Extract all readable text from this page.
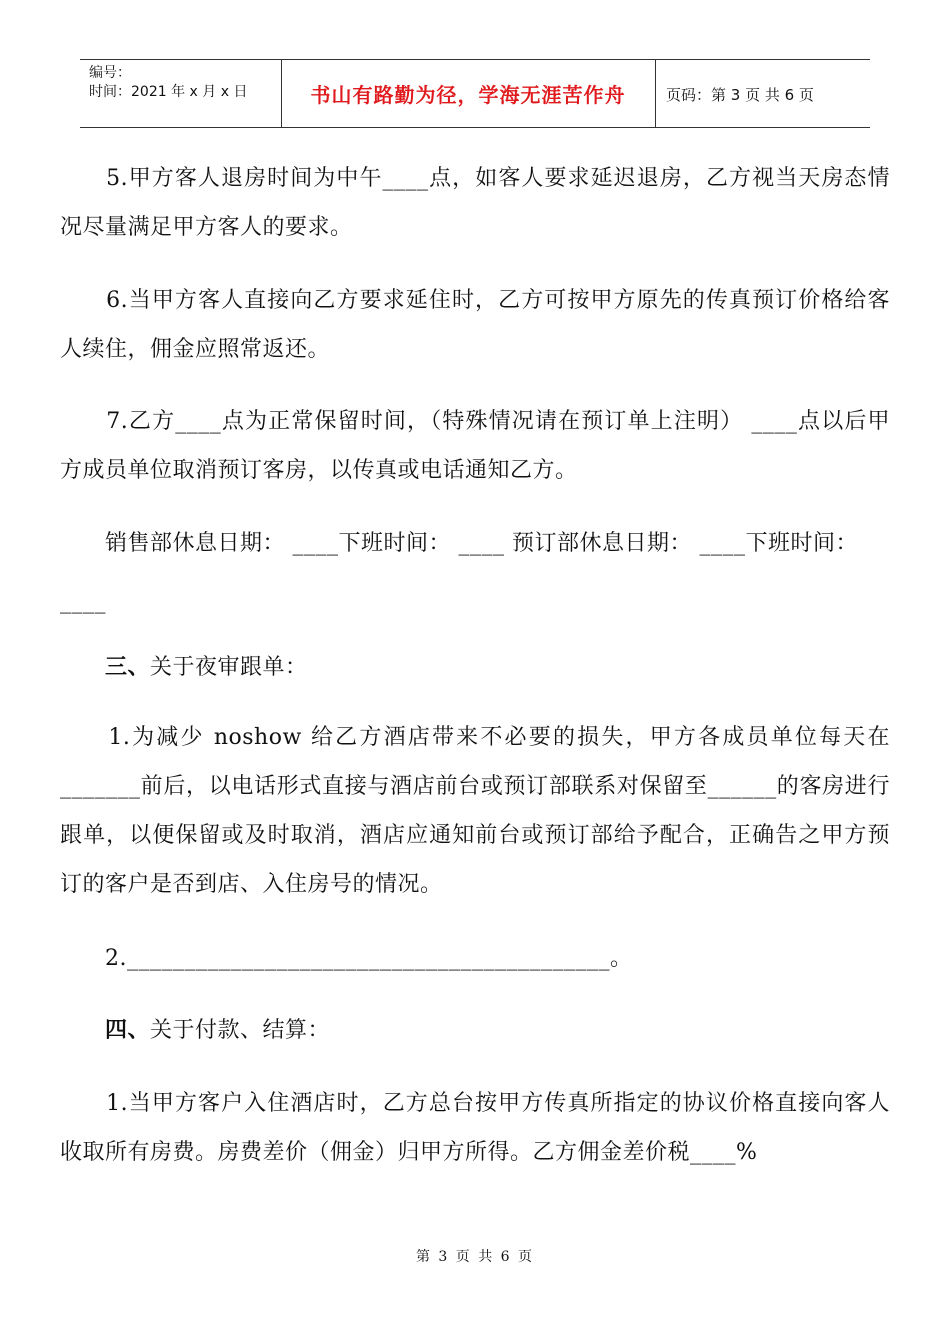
编号：
时间：2021 年 x 月 x 日	书山有路勤为径，学海无涯苦作舟	页码：第 3 页 共 6 页

　　5.甲方客人退房时间为中午____点，如客人要求延迟退房，乙方视当天房态情况尽量满足甲方客人的要求。

　　6.当甲方客人直接向乙方要求延住时，乙方可按甲方原先的传真预订价格给客人续住，佣金应照常返还。

　　7.乙方____点为正常保留时间，（特殊情况请在预订单上注明） ____点以后甲方成员单位取消预订客房，以传真或电话通知乙方。

　　销售部休息日期： ____下班时间： ____ 预订部休息日期： ____下班时间：

____

　　三、关于夜审跟单：

　　1.为减少 noshow 给乙方酒店带来不必要的损失，甲方各成员单位每天在_______前后，以电话形式直接与酒店前台或预订部联系对保留至______的客房进行跟单，以便保留或及时取消，酒店应通知前台或预订部给予配合，正确告之甲方预订的客户是否到店、入住房号的情况。

　　2.__________________________________________。

　　四、关于付款、结算：

　　1.当甲方客户入住酒店时，乙方总台按甲方传真所指定的协议价格直接向客人收取所有房费。房费差价（佣金）归甲方所得。乙方佣金差价税____%

第 3 页 共 6 页
